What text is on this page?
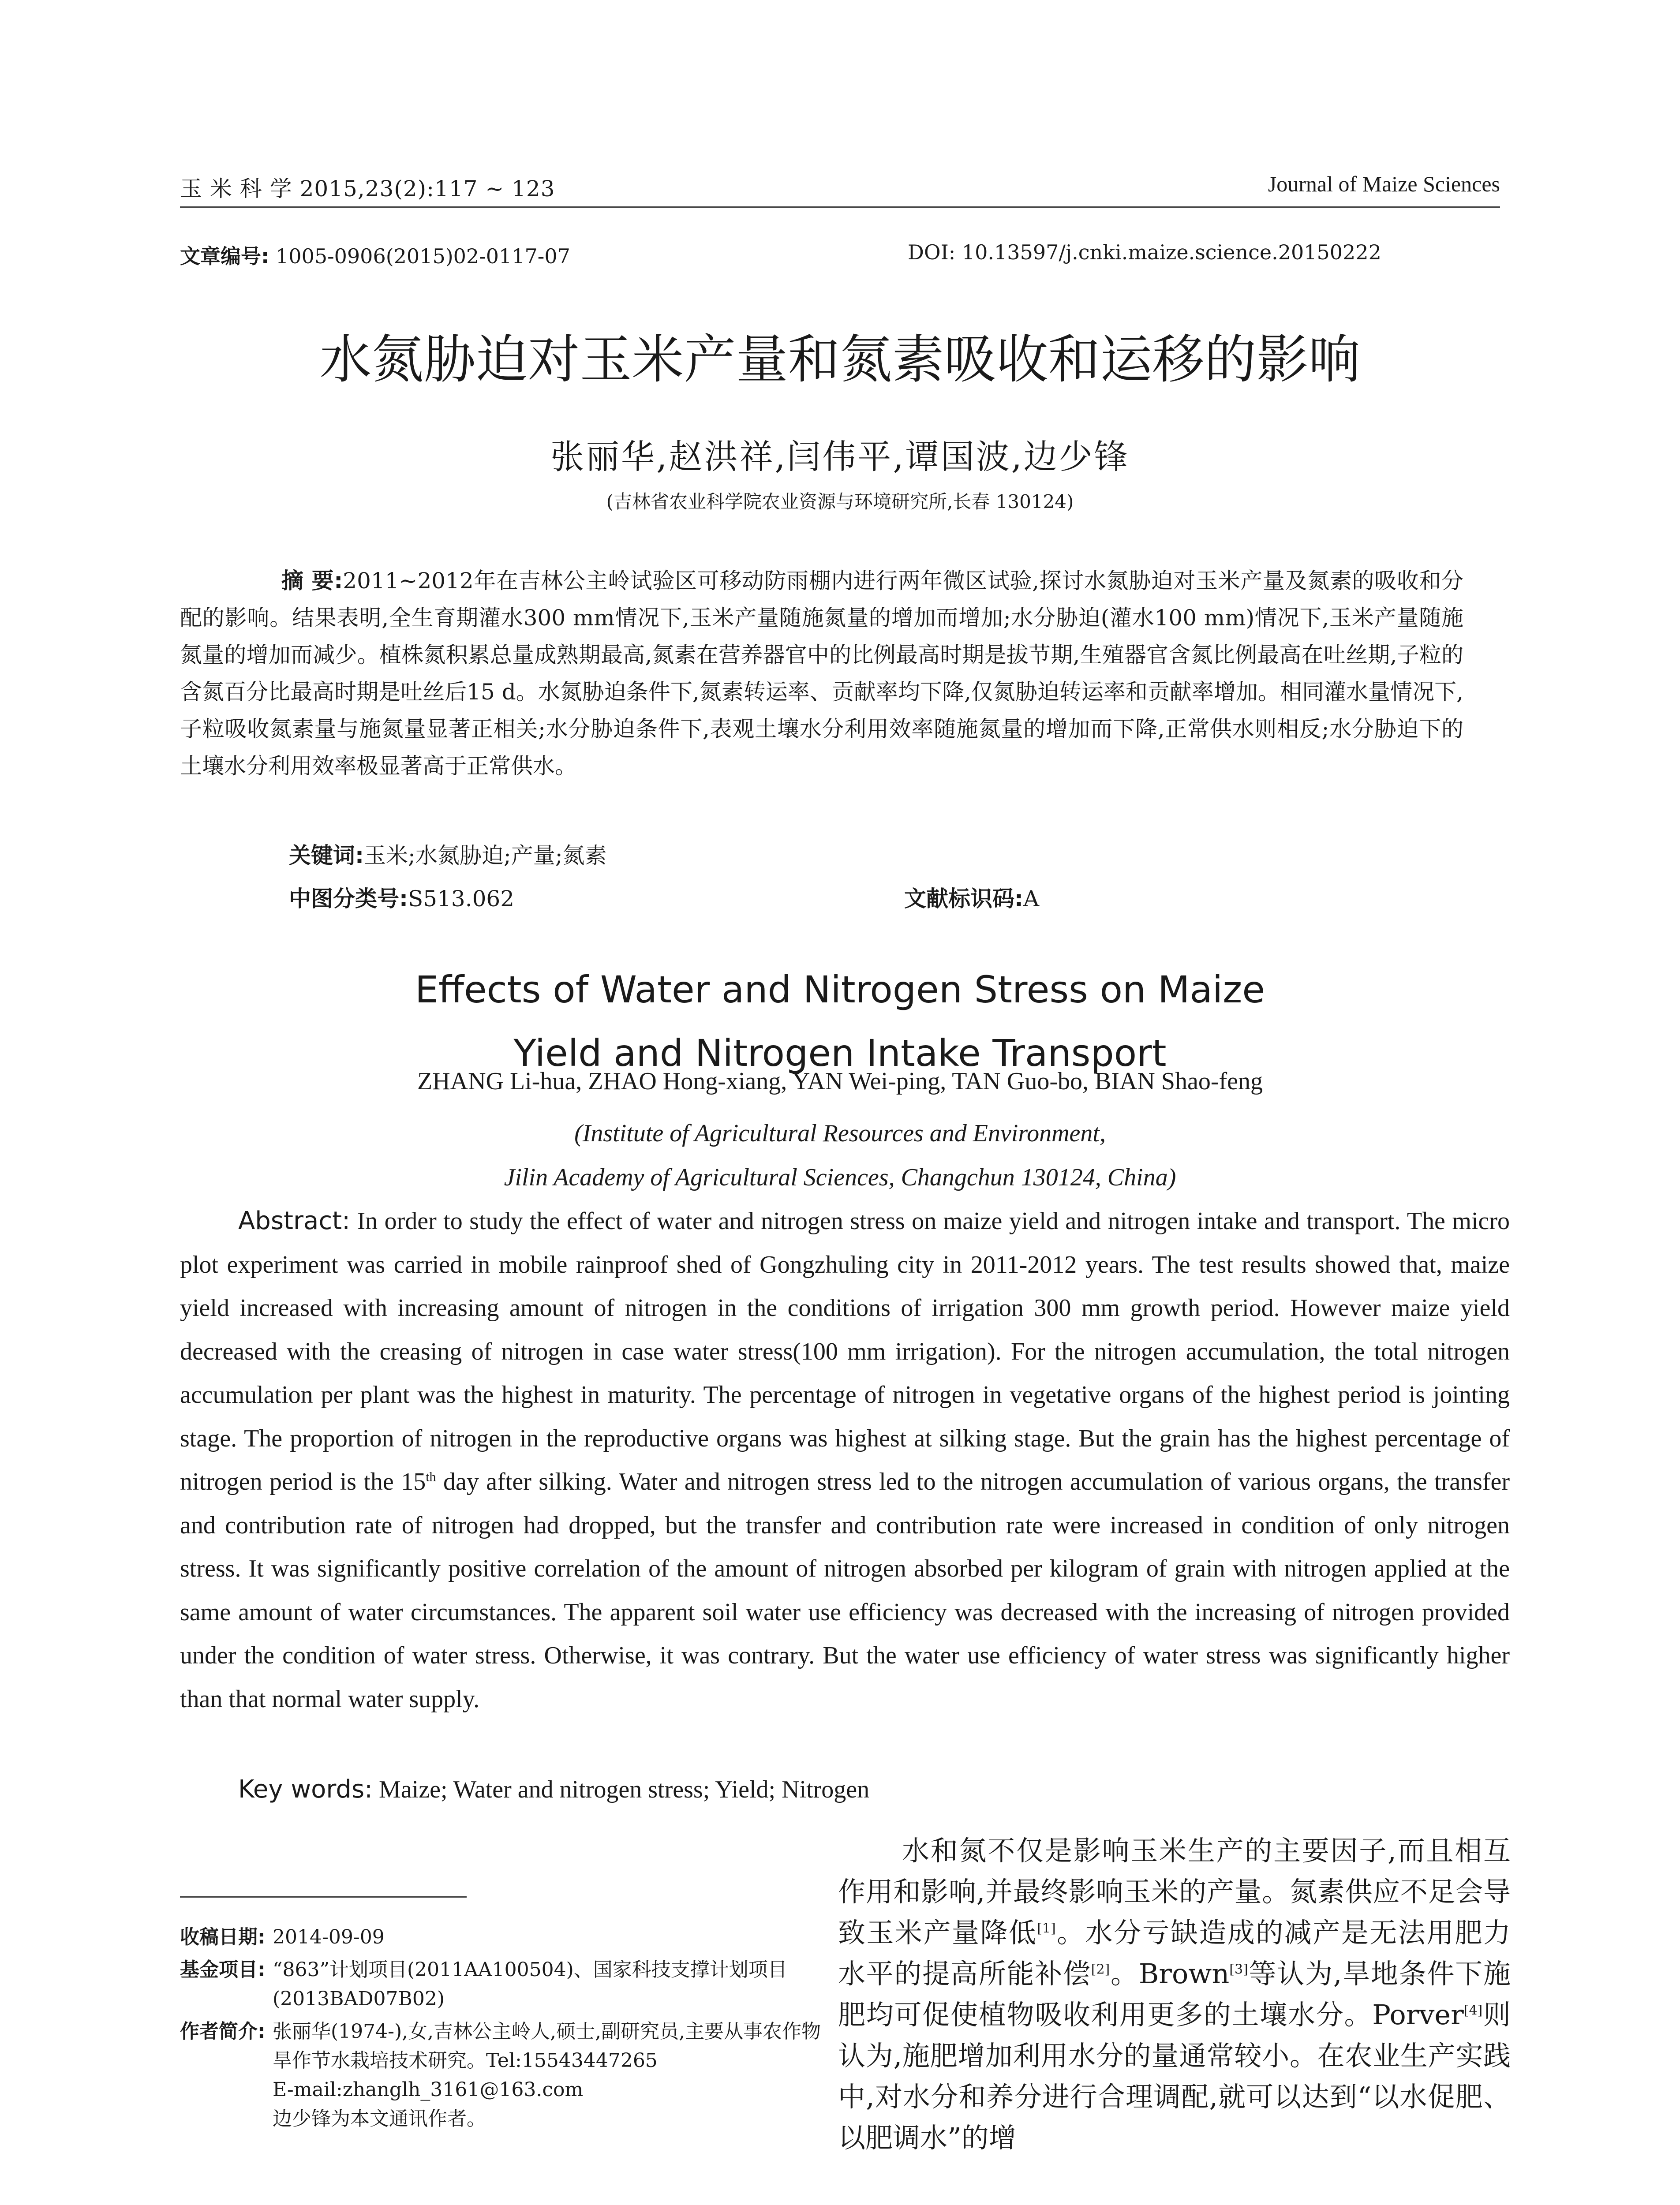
玉 米 科 学 2015,23(2):117 ~ 123	Journal of Maize Sciences
文章编号: 1005-0906(2015)02-0117-07	DOI: 10.13597/j.cnki.maize.science.20150222
水氮胁迫对玉米产量和氮素吸收和运移的影响
张丽华,赵洪祥,闫伟平,谭国波,边少锋
(吉林省农业科学院农业资源与环境研究所,长春 130124)
摘 要:2011~2012年在吉林公主岭试验区可移动防雨棚内进行两年微区试验,探讨水氮胁迫对玉米产量及氮素的吸收和分配的影响。结果表明,全生育期灌水300 mm情况下,玉米产量随施氮量的增加而增加;水分胁迫(灌水100 mm)情况下,玉米产量随施氮量的增加而减少。植株氮积累总量成熟期最高,氮素在营养器官中的比例最高时期是拔节期,生殖器官含氮比例最高在吐丝期,子粒的含氮百分比最高时期是吐丝后15 d。水氮胁迫条件下,氮素转运率、贡献率均下降,仅氮胁迫转运率和贡献率增加。相同灌水量情况下,子粒吸收氮素量与施氮量显著正相关;水分胁迫条件下,表观土壤水分利用效率随施氮量的增加而下降,正常供水则相反;水分胁迫下的土壤水分利用效率极显著高于正常供水。
关键词:玉米;水氮胁迫;产量;氮素
中图分类号:S513.062	文献标识码:A
Effects of Water and Nitrogen Stress on Maize
Yield and Nitrogen Intake Transport
ZHANG Li-hua, ZHAO Hong-xiang, YAN Wei-ping, TAN Guo-bo, BIAN Shao-feng
(Institute of Agricultural Resources and Environment,
Jilin Academy of Agricultural Sciences, Changchun 130124, China)
Abstract: In order to study the effect of water and nitrogen stress on maize yield and nitrogen intake and transport. The micro plot experiment was carried in mobile rainproof shed of Gongzhuling city in 2011-2012 years. The test results showed that, maize yield increased with increasing amount of nitrogen in the conditions of irrigation 300 mm growth period. However maize yield decreased with the creasing of nitrogen in case water stress(100 mm irrigation). For the nitrogen accumulation, the total nitrogen accumulation per plant was the highest in maturity. The percentage of nitrogen in vegetative organs of the highest period is jointing stage. The proportion of nitrogen in the reproductive organs was highest at silking stage. But the grain has the highest percentage of nitrogen period is the 15th day after silking. Water and nitrogen stress led to the nitrogen accumulation of various organs, the transfer and contribution rate of nitrogen had dropped, but the transfer and contribution rate were increased in condition of only nitrogen stress. It was significantly positive correlation of the amount of nitrogen absorbed per kilogram of grain with nitrogen applied at the same amount of water circumstances. The apparent soil water use efficiency was decreased with the increasing of nitrogen provided under the condition of water stress. Otherwise, it was contrary. But the water use efficiency of water stress was significantly higher than that normal water supply.
Key words: Maize; Water and nitrogen stress; Yield; Nitrogen
收稿日期: 2014-09-09
基金项目: “863”计划项目(2011AA100504)、国家科技支撑计划项目(2013BAD07B02)
作者简介: 张丽华(1974-),女,吉林公主岭人,硕士,副研究员,主要从事农作物旱作节水栽培技术研究。Tel:15543447265
E-mail:zhanglh_3161@163.com
边少锋为本文通讯作者。
水和氮不仅是影响玉米生产的主要因子,而且相互作用和影响,并最终影响玉米的产量。氮素供应不足会导致玉米产量降低[1]。水分亏缺造成的减产是无法用肥力水平的提高所能补偿[2]。Brown[3]等认为,旱地条件下施肥均可促使植物吸收利用更多的土壤水分。Porver[4]则认为,施肥增加利用水分的量通常较小。在农业生产实践中,对水分和养分进行合理调配,就可以达到“以水促肥、以肥调水”的增
